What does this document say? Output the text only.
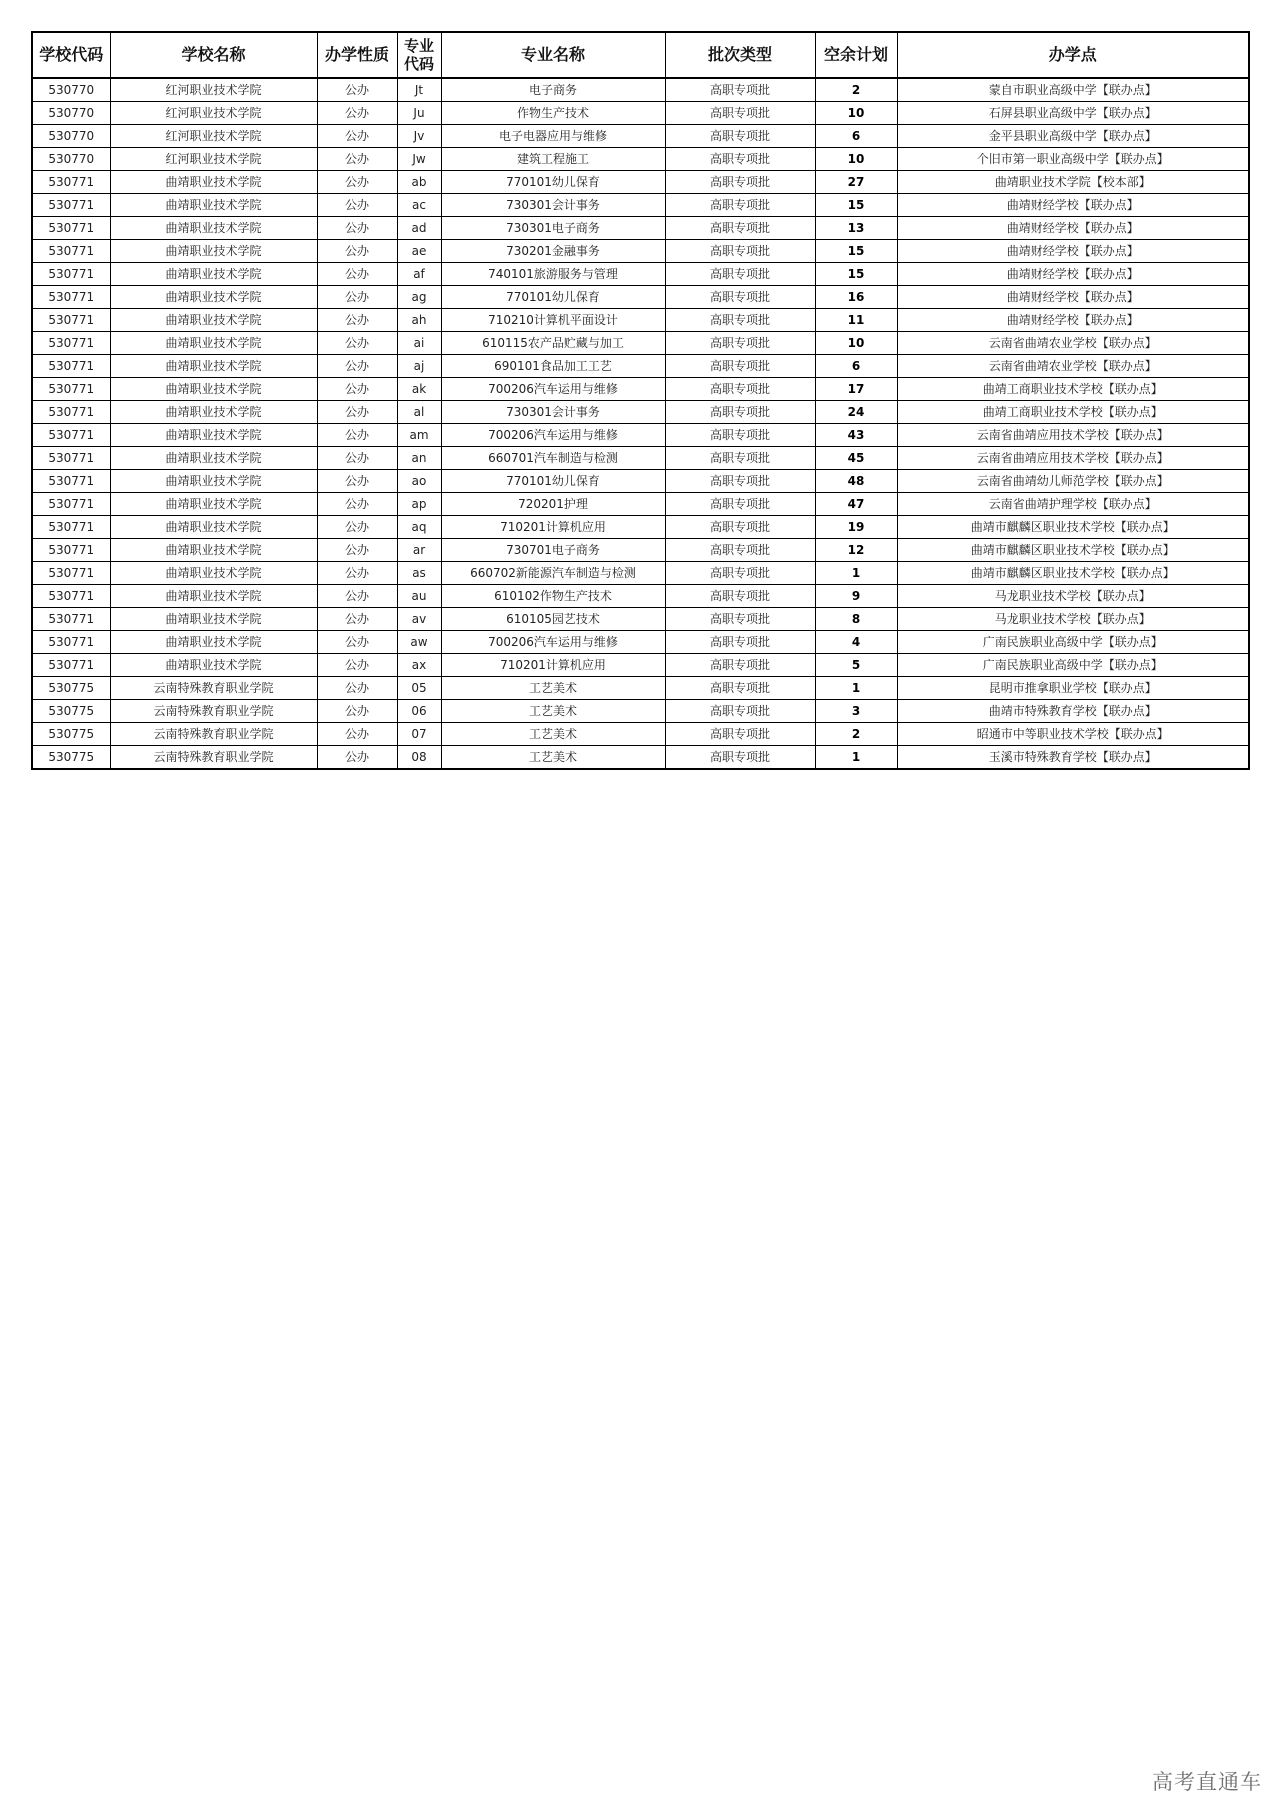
学校代码	学校名称	办学性质	专业代码	专业名称	批次类型	空余计划	办学点
530770	红河职业技术学院	公办	Jt	电子商务	高职专项批	2	蒙自市职业高级中学【联办点】
530770	红河职业技术学院	公办	Ju	作物生产技术	高职专项批	10	石屏县职业高级中学【联办点】
530770	红河职业技术学院	公办	Jv	电子电器应用与维修	高职专项批	6	金平县职业高级中学【联办点】
530770	红河职业技术学院	公办	Jw	建筑工程施工	高职专项批	10	个旧市第一职业高级中学【联办点】
530771	曲靖职业技术学院	公办	ab	770101幼儿保育	高职专项批	27	曲靖职业技术学院【校本部】
530771	曲靖职业技术学院	公办	ac	730301会计事务	高职专项批	15	曲靖财经学校【联办点】
530771	曲靖职业技术学院	公办	ad	730301电子商务	高职专项批	13	曲靖财经学校【联办点】
530771	曲靖职业技术学院	公办	ae	730201金融事务	高职专项批	15	曲靖财经学校【联办点】
530771	曲靖职业技术学院	公办	af	740101旅游服务与管理	高职专项批	15	曲靖财经学校【联办点】
530771	曲靖职业技术学院	公办	ag	770101幼儿保育	高职专项批	16	曲靖财经学校【联办点】
530771	曲靖职业技术学院	公办	ah	710210计算机平面设计	高职专项批	11	曲靖财经学校【联办点】
530771	曲靖职业技术学院	公办	ai	610115农产品贮藏与加工	高职专项批	10	云南省曲靖农业学校【联办点】
530771	曲靖职业技术学院	公办	aj	690101食品加工工艺	高职专项批	6	云南省曲靖农业学校【联办点】
530771	曲靖职业技术学院	公办	ak	700206汽车运用与维修	高职专项批	17	曲靖工商职业技术学校【联办点】
530771	曲靖职业技术学院	公办	al	730301会计事务	高职专项批	24	曲靖工商职业技术学校【联办点】
530771	曲靖职业技术学院	公办	am	700206汽车运用与维修	高职专项批	43	云南省曲靖应用技术学校【联办点】
530771	曲靖职业技术学院	公办	an	660701汽车制造与检测	高职专项批	45	云南省曲靖应用技术学校【联办点】
530771	曲靖职业技术学院	公办	ao	770101幼儿保育	高职专项批	48	云南省曲靖幼儿师范学校【联办点】
530771	曲靖职业技术学院	公办	ap	720201护理	高职专项批	47	云南省曲靖护理学校【联办点】
530771	曲靖职业技术学院	公办	aq	710201计算机应用	高职专项批	19	曲靖市麒麟区职业技术学校【联办点】
530771	曲靖职业技术学院	公办	ar	730701电子商务	高职专项批	12	曲靖市麒麟区职业技术学校【联办点】
530771	曲靖职业技术学院	公办	as	660702新能源汽车制造与检测	高职专项批	1	曲靖市麒麟区职业技术学校【联办点】
530771	曲靖职业技术学院	公办	au	610102作物生产技术	高职专项批	9	马龙职业技术学校【联办点】
530771	曲靖职业技术学院	公办	av	610105园艺技术	高职专项批	8	马龙职业技术学校【联办点】
530771	曲靖职业技术学院	公办	aw	700206汽车运用与维修	高职专项批	4	广南民族职业高级中学【联办点】
530771	曲靖职业技术学院	公办	ax	710201计算机应用	高职专项批	5	广南民族职业高级中学【联办点】
530775	云南特殊教育职业学院	公办	05	工艺美术	高职专项批	1	昆明市推拿职业学校【联办点】
530775	云南特殊教育职业学院	公办	06	工艺美术	高职专项批	3	曲靖市特殊教育学校【联办点】
530775	云南特殊教育职业学院	公办	07	工艺美术	高职专项批	2	昭通市中等职业技术学校【联办点】
530775	云南特殊教育职业学院	公办	08	工艺美术	高职专项批	1	玉溪市特殊教育学校【联办点】
高考直通车
